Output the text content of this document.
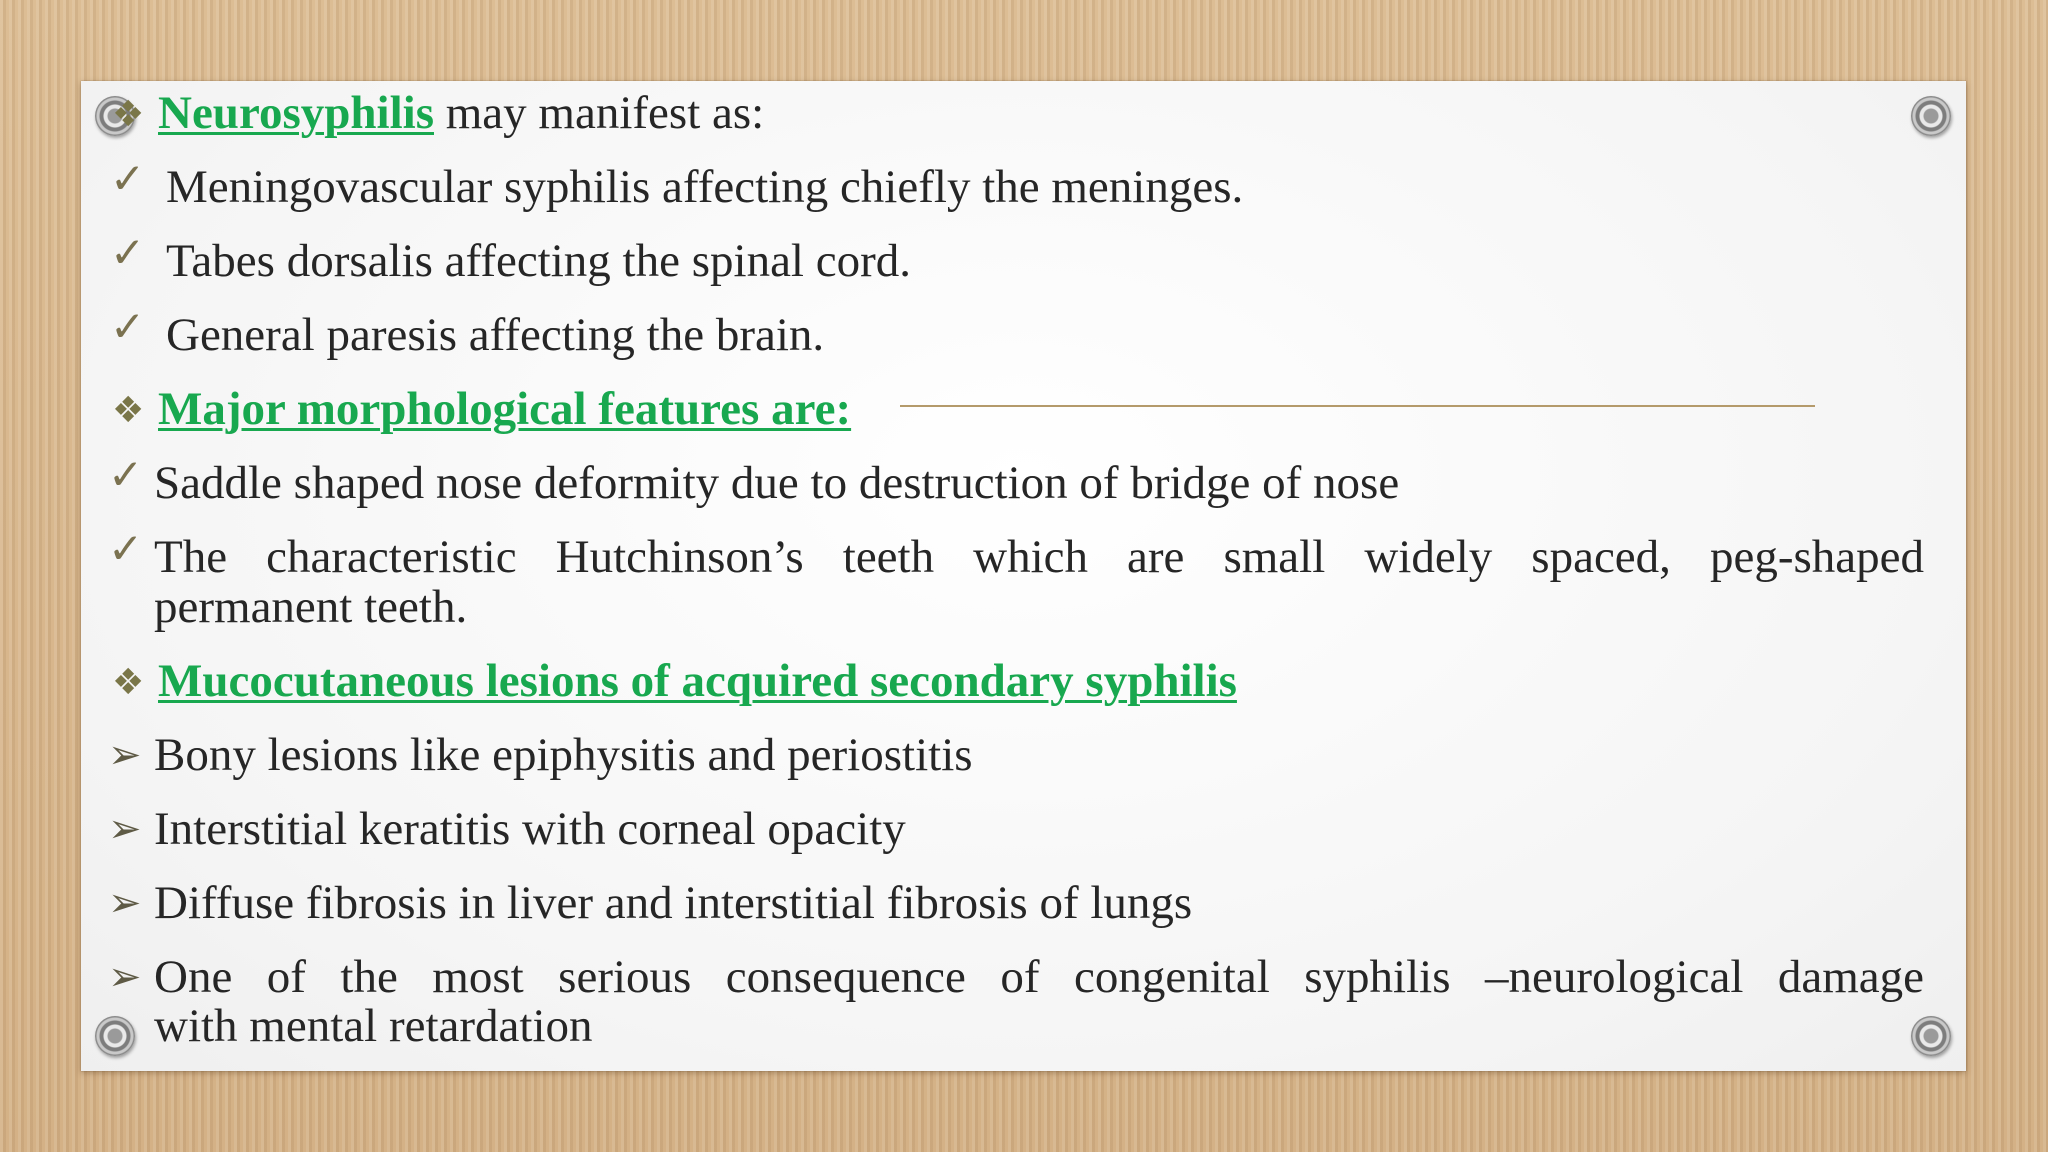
❖ Neurosyphilis may manifest as:
✓ Meningovascular syphilis affecting chiefly the meninges.
✓ Tabes dorsalis affecting the spinal cord.
✓ General paresis affecting the brain.
❖ Major morphological features are:
✓ Saddle shaped nose deformity due to destruction of bridge of nose
✓ The characteristic Hutchinson’s teeth which are small widely spaced, peg-shaped
permanent teeth.
❖ Mucocutaneous lesions of acquired secondary syphilis
➢ Bony lesions like epiphysitis and periostitis
➢ Interstitial keratitis with corneal opacity
➢ Diffuse fibrosis in liver and interstitial fibrosis of lungs
➢ One of the most serious consequence of congenital syphilis –neurological damage
with mental retardation
